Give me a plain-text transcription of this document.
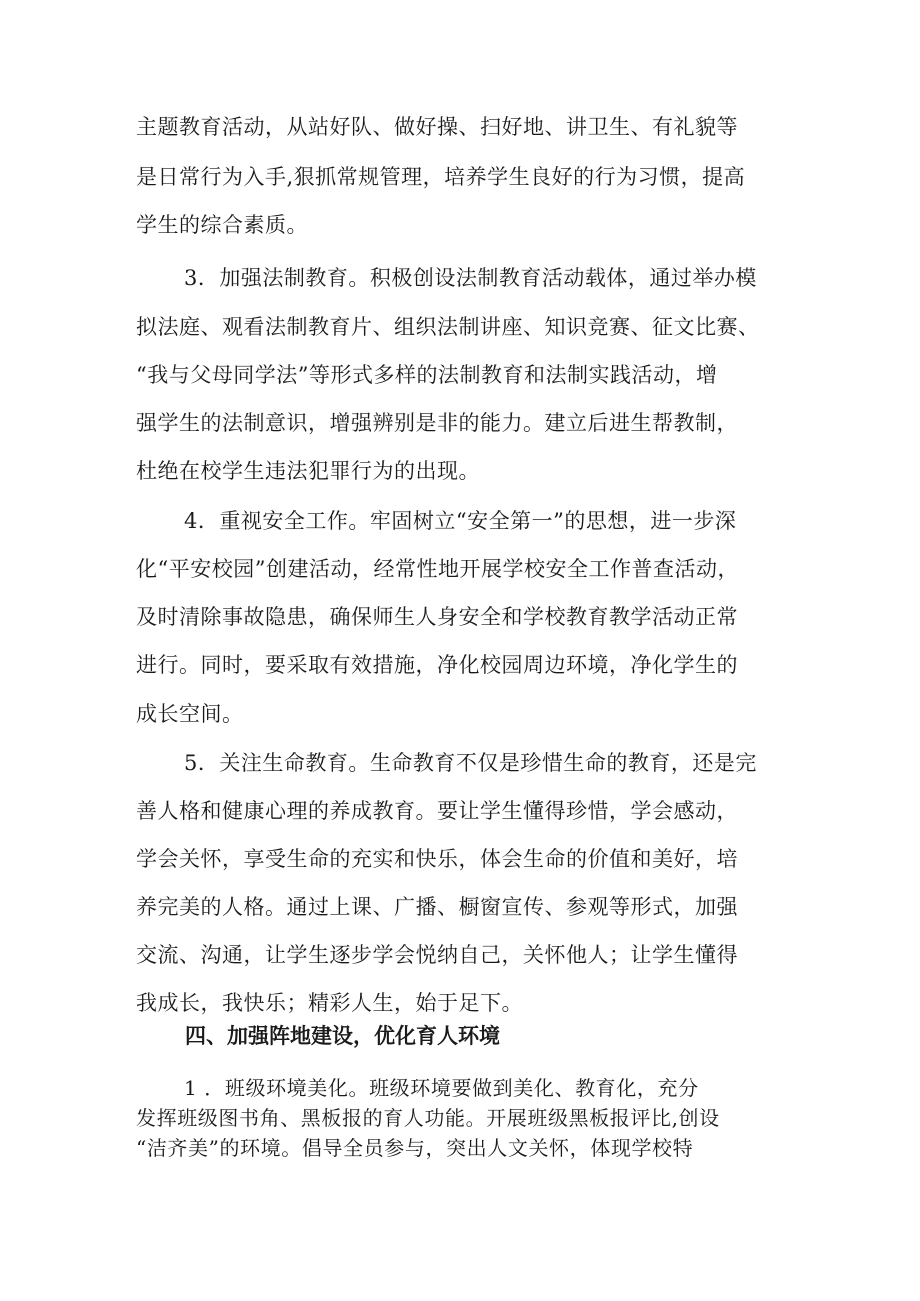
主题教育活动，从站好队、做好操、扫好地、讲卫生、有礼貌等
是日常行为入手,狠抓常规管理，培养学生良好的行为习惯，提高
学生的综合素质。
3．加强法制教育。积极创设法制教育活动载体，通过举办模
拟法庭、观看法制教育片、组织法制讲座、知识竞赛、征文比赛、
“我与父母同学法”等形式多样的法制教育和法制实践活动，增
强学生的法制意识，增强辨别是非的能力。建立后进生帮教制，
杜绝在校学生违法犯罪行为的出现。
4．重视安全工作。牢固树立“安全第一”的思想，进一步深
化“平安校园”创建活动，经常性地开展学校安全工作普查活动，
及时清除事故隐患，确保师生人身安全和学校教育教学活动正常
进行。同时，要采取有效措施，净化校园周边环境，净化学生的
成长空间。
5．关注生命教育。生命教育不仅是珍惜生命的教育，还是完
善人格和健康心理的养成教育。要让学生懂得珍惜，学会感动，
学会关怀，享受生命的充实和快乐，体会生命的价值和美好，培
养完美的人格。通过上课、广播、橱窗宣传、参观等形式，加强
交流、沟通，让学生逐步学会悦纳自己，关怀他人；让学生懂得
我成长，我快乐；精彩人生，始于足下。
四、加强阵地建设，优化育人环境
1 ．班级环境美化。班级环境要做到美化、教育化，充分
发挥班级图书角、黑板报的育人功能。开展班级黑板报评比,创设
“洁齐美”的环境。倡导全员参与，突出人文关怀，体现学校特
